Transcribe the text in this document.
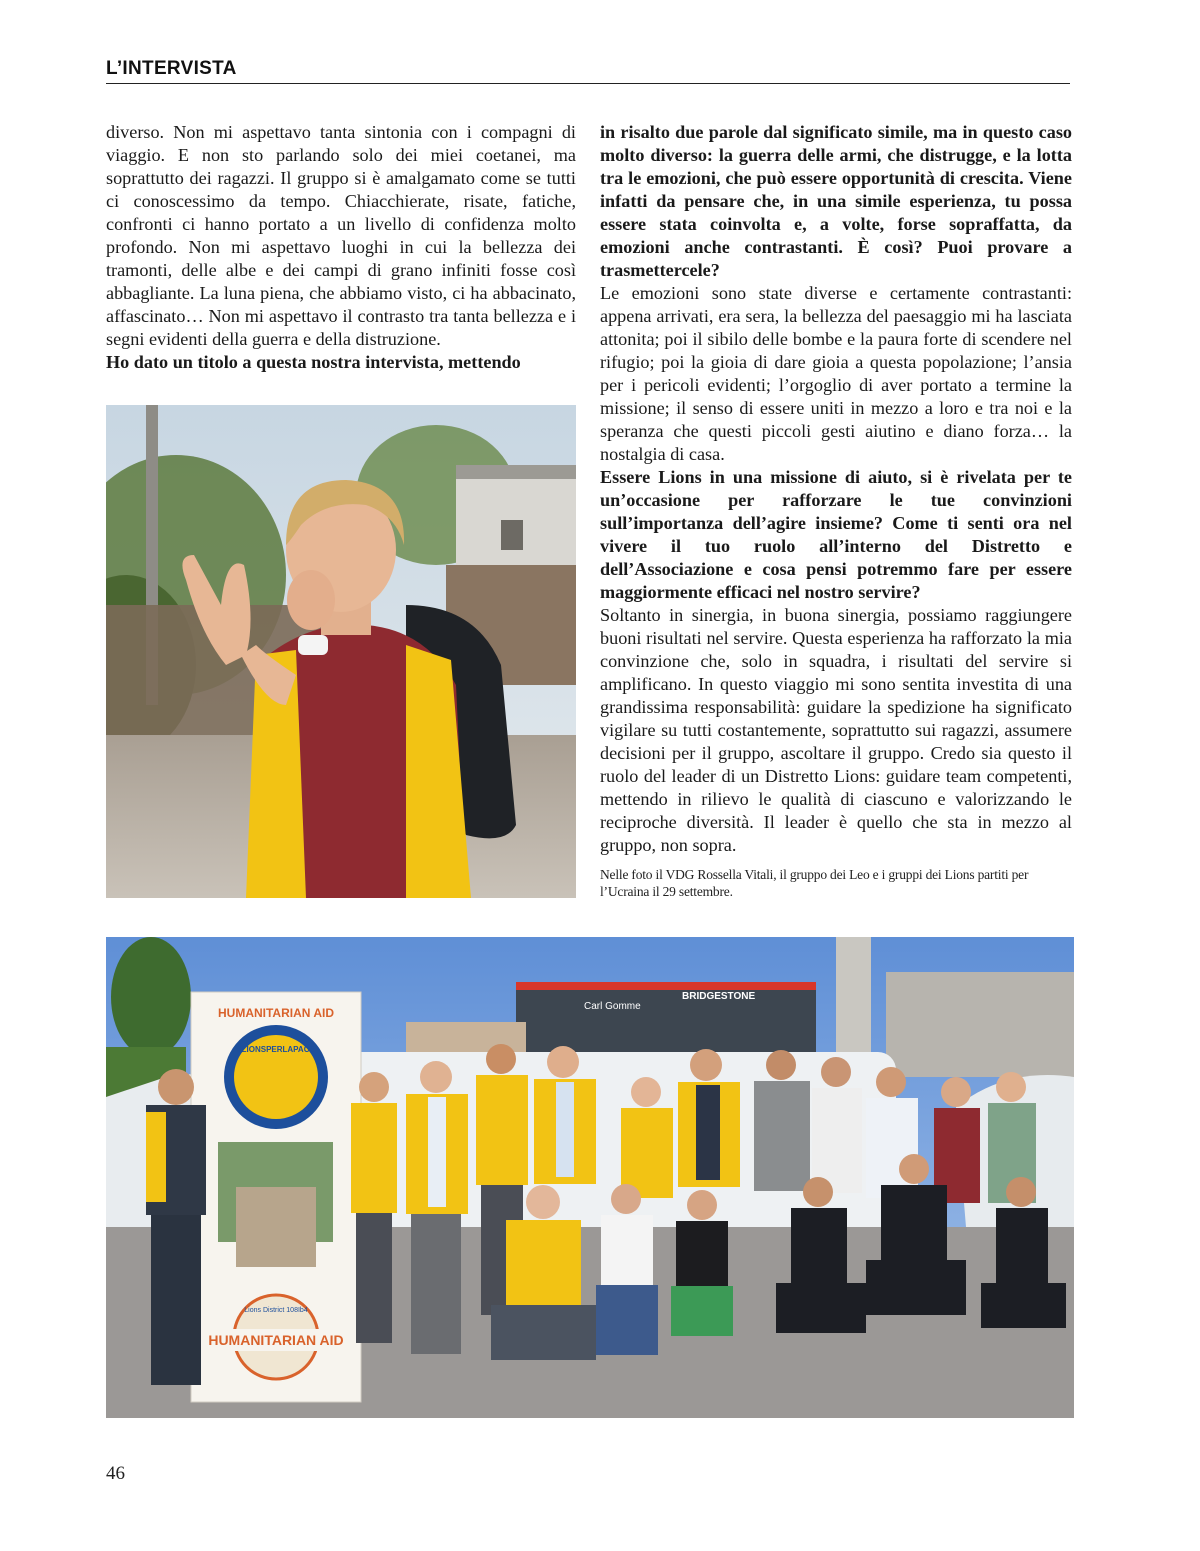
L’INTERVISTA

diverso. Non mi aspettavo tanta sintonia con i compagni di viaggio. E non sto parlando solo dei miei coetanei, ma soprattutto dei ragazzi. Il gruppo si è amalgamato come se tutti ci conoscessimo da tempo. Chiacchierate, risate, fatiche, confronti ci hanno portato a un livello di confidenza molto profondo. Non mi aspettavo luoghi in cui la bellezza dei tramonti, delle albe e dei campi di grano infiniti fosse così abbagliante. La luna piena, che abbiamo visto, ci ha abbacinato, affascinato… Non mi aspettavo il contrasto tra tanta bellezza e i segni evidenti della guerra e della distruzione.

Ho dato un titolo a questa nostra intervista, mettendo

in risalto due parole dal significato simile, ma in questo caso molto diverso: la guerra delle armi, che distrugge, e la lotta tra le emozioni, che può essere opportunità di crescita. Viene infatti da pensare che, in una simile esperienza, tu possa essere stata coinvolta e, a volte, forse sopraffatta, da emozioni anche contrastanti. È così? Puoi provare a trasmettercele?

Le emozioni sono state diverse e certamente contrastanti: appena arrivati, era sera, la bellezza del paesaggio mi ha lasciata attonita; poi il sibilo delle bombe e la paura forte di scendere nel rifugio; poi la gioia di dare gioia a questa popolazione; l’ansia per i pericoli evidenti; l’orgoglio di aver portato a termine la missione; il senso di essere uniti in mezzo a loro e tra noi e la speranza che questi piccoli gesti aiutino e diano forza… la nostalgia di casa.

Essere Lions in una missione di aiuto, si è rivelata per te un’occasione per rafforzare le tue convinzioni sull’importanza dell’agire insieme? Come ti senti ora nel vivere il tuo ruolo all’interno del Distretto e dell’Associazione e cosa pensi potremmo fare per essere maggiormente efficaci nel nostro servire?

Soltanto in sinergia, in buona sinergia, possiamo raggiungere buoni risultati nel servire. Questa esperienza ha rafforzato la mia convinzione che, solo in squadra, i risultati del servire si amplificano. In questo viaggio mi sono sentita investita di una grandissima responsabilità: guidare la spedizione ha significato vigilare su tutti costantemente, soprattutto sui ragazzi, assumere decisioni per il gruppo, ascoltare il gruppo. Credo sia questo il ruolo del leader di un Distretto Lions: guidare team competenti, mettendo in rilievo le qualità di ciascuno e valorizzando le reciproche diversità. Il leader è quello che sta in mezzo al gruppo, non sopra.

Nelle foto il VDG Rossella Vitali, il gruppo dei Leo e i gruppi dei Lions partiti per l’Ucraina il 29 settembre.
Carl Gomme
BRIDGESTONE
HUMANITARIAN AID
#LIONSPERLAPACE
Lions District 108Ib4
HUMANITARIAN AID
46
